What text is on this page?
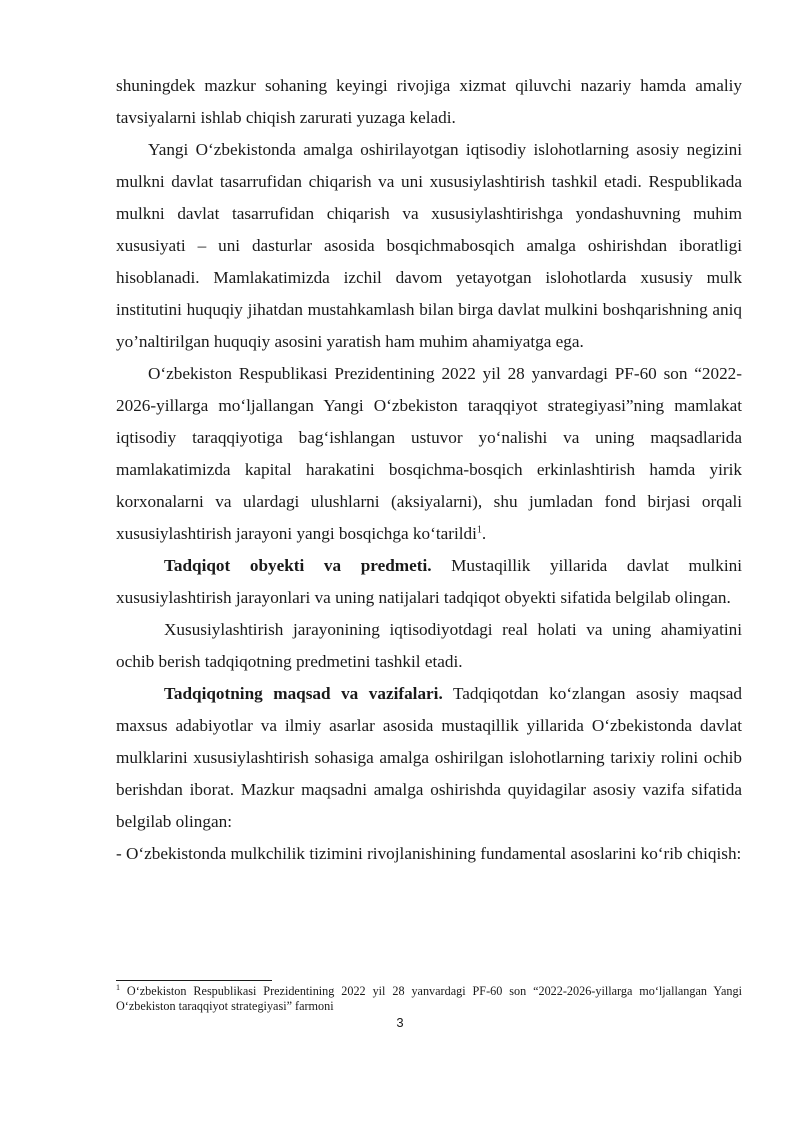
shuningdek mazkur sohaning keyingi rivojiga xizmat qiluvchi nazariy hamda amaliy tavsiyalarni ishlab chiqish zarurati yuzaga keladi.

Yangi O‘zbekistonda amalga oshirilayotgan iqtisodiy islohotlarning asosiy negizini mulkni davlat tasarrufidan chiqarish va uni xususiylashtirish tashkil etadi. Respublikada mulkni davlat tasarrufidan chiqarish va xususiylashtirishga yondashuvning muhim xususiyati – uni dasturlar asosida bosqichmabosqich amalga oshirishdan iboratligi hisoblanadi. Mamlakatimizda izchil davom yetayotgan islohotlarda xususiy mulk institutini huquqiy jihatdan mustahkamlash bilan birga davlat mulkini boshqarishning aniq yo’naltirilgan huquqiy asosini yaratish ham muhim ahamiyatga ega.

O‘zbekiston Respublikasi Prezidentining 2022 yil 28 yanvardagi PF-60 son “2022-2026-yillarga mo‘ljallangan Yangi O‘zbekiston taraqqiyot strategiyasi”ning mamlakat iqtisodiy taraqqiyotiga bag‘ishlangan ustuvor yo‘nalishi va uning maqsadlarida mamlakatimizda kapital harakatini bosqichma-bosqich erkinlashtirish hamda yirik korxonalarni va ulardagi ulushlarni (aksiyalarni), shu jumladan fond birjasi orqali xususiylashtirish jarayoni yangi bosqichga ko‘tarildi$^1$.

Tadqiqot obyekti va predmeti. Mustaqillik yillarida davlat mulkini xususiylashtirish jarayonlari va uning natijalari tadqiqot obyekti sifatida belgilab olingan.

Xususiylashtirish jarayonining iqtisodiyotdagi real holati va uning ahamiyatini ochib berish tadqiqotning predmetini tashkil etadi.

Tadqiqotning maqsad va vazifalari. Tadqiqotdan ko‘zlangan asosiy maqsad maxsus adabiyotlar va ilmiy asarlar asosida mustaqillik yillarida O‘zbekistonda davlat mulklarini xususiylashtirish sohasiga amalga oshirilgan islohotlarning tarixiy rolini ochib berishdan iborat. Mazkur maqsadni amalga oshirishda quyidagilar asosiy vazifa sifatida belgilab olingan:

- O‘zbekistonda mulkchilik tizimini rivojlanishining fundamental asoslarini ko‘rib chiqish:

$^1$ O‘zbekiston Respublikasi Prezidentining 2022 yil 28 yanvardagi PF-60 son “2022-2026-yillarga mo‘ljallangan Yangi O‘zbekiston taraqqiyot strategiyasi” farmoni

3
